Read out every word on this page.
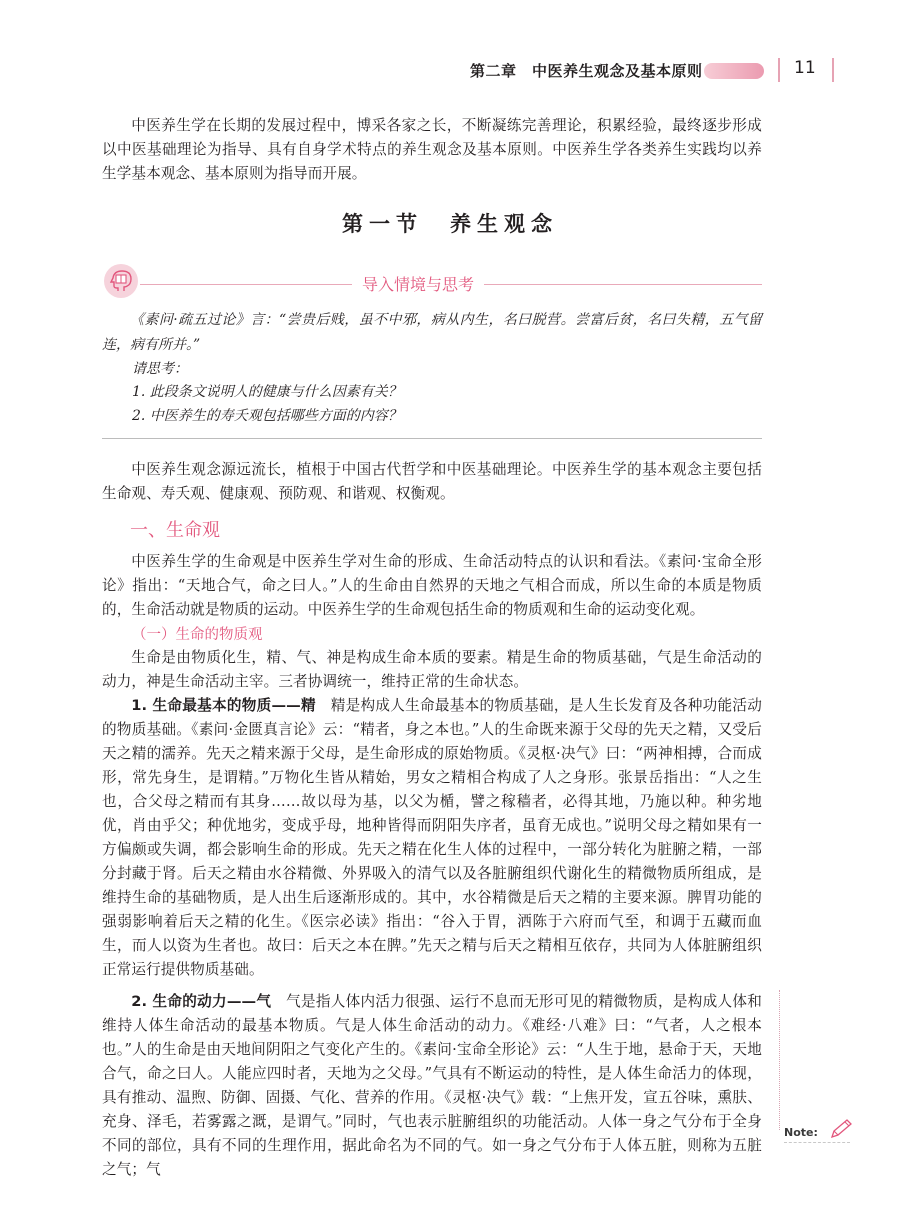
第二章　中医养生观念及基本原则	11
中医养生学在长期的发展过程中，博采各家之长，不断凝练完善理论，积累经验，最终逐步形成以中医基础理论为指导、具有自身学术特点的养生观念及基本原则。中医养生学各类养生实践均以养生学基本观念、基本原则为指导而开展。
第一节　养生观念
导入情境与思考
《素问·疏五过论》言：“尝贵后贱，虽不中邪，病从内生，名曰脱营。尝富后贫，名曰失精，五气留连，病有所并。”
请思考：
1. 此段条文说明人的健康与什么因素有关？
2. 中医养生的寿夭观包括哪些方面的内容？
中医养生观念源远流长，植根于中国古代哲学和中医基础理论。中医养生学的基本观念主要包括生命观、寿夭观、健康观、预防观、和谐观、权衡观。
一、生命观
中医养生学的生命观是中医养生学对生命的形成、生命活动特点的认识和看法。《素问·宝命全形论》指出：“天地合气，命之曰人。”人的生命由自然界的天地之气相合而成，所以生命的本质是物质的，生命活动就是物质的运动。中医养生学的生命观包括生命的物质观和生命的运动变化观。
（一）生命的物质观
生命是由物质化生，精、气、神是构成生命本质的要素。精是生命的物质基础，气是生命活动的动力，神是生命活动主宰。三者协调统一，维持正常的生命状态。
1. 生命最基本的物质——精　 精是构成人生命最基本的物质基础，是人生长发育及各种功能活动的物质基础。《素问·金匮真言论》云：“精者，身之本也。”人的生命既来源于父母的先天之精，又受后天之精的濡养。先天之精来源于父母，是生命形成的原始物质。《灵枢·决气》曰：“两神相搏，合而成形，常先身生，是谓精。”万物化生皆从精始，男女之精相合构成了人之身形。张景岳指出：“人之生也，合父母之精而有其身……故以母为基，以父为楯，譬之稼穑者，必得其地，乃施以种。种劣地优，肖由乎父；种优地劣，变成乎母，地种皆得而阴阳失序者，虽育无成也。”说明父母之精如果有一方偏颇或失调，都会影响生命的形成。先天之精在化生人体的过程中，一部分转化为脏腑之精，一部分封藏于肾。后天之精由水谷精微、外界吸入的清气以及各脏腑组织代谢化生的精微物质所组成，是维持生命的基础物质，是人出生后逐渐形成的。其中，水谷精微是后天之精的主要来源。脾胃功能的强弱影响着后天之精的化生。《医宗必读》指出：“谷入于胃，洒陈于六府而气至，和调于五藏而血生，而人以资为生者也。故曰：后天之本在脾。”先天之精与后天之精相互依存，共同为人体脏腑组织正常运行提供物质基础。
2. 生命的动力——气　 气是指人体内活力很强、运行不息而无形可见的精微物质，是构成人体和维持人体生命活动的最基本物质。气是人体生命活动的动力。《难经·八难》曰：“气者，人之根本也。”人的生命是由天地间阴阳之气变化产生的。《素问·宝命全形论》云：“人生于地，悬命于天，天地合气，命之曰人。人能应四时者，天地为之父母。”气具有不断运动的特性，是人体生命活力的体现，具有推动、温煦、防御、固摄、气化、营养的作用。《灵枢·决气》载：“上焦开发，宣五谷味，熏肤、充身、泽毛，若雾露之溉，是谓气。”同时，气也表示脏腑组织的功能活动。人体一身之气分布于全身不同的部位，具有不同的生理作用，据此命名为不同的气。如一身之气分布于人体五脏，则称为五脏之气；气
Note:
